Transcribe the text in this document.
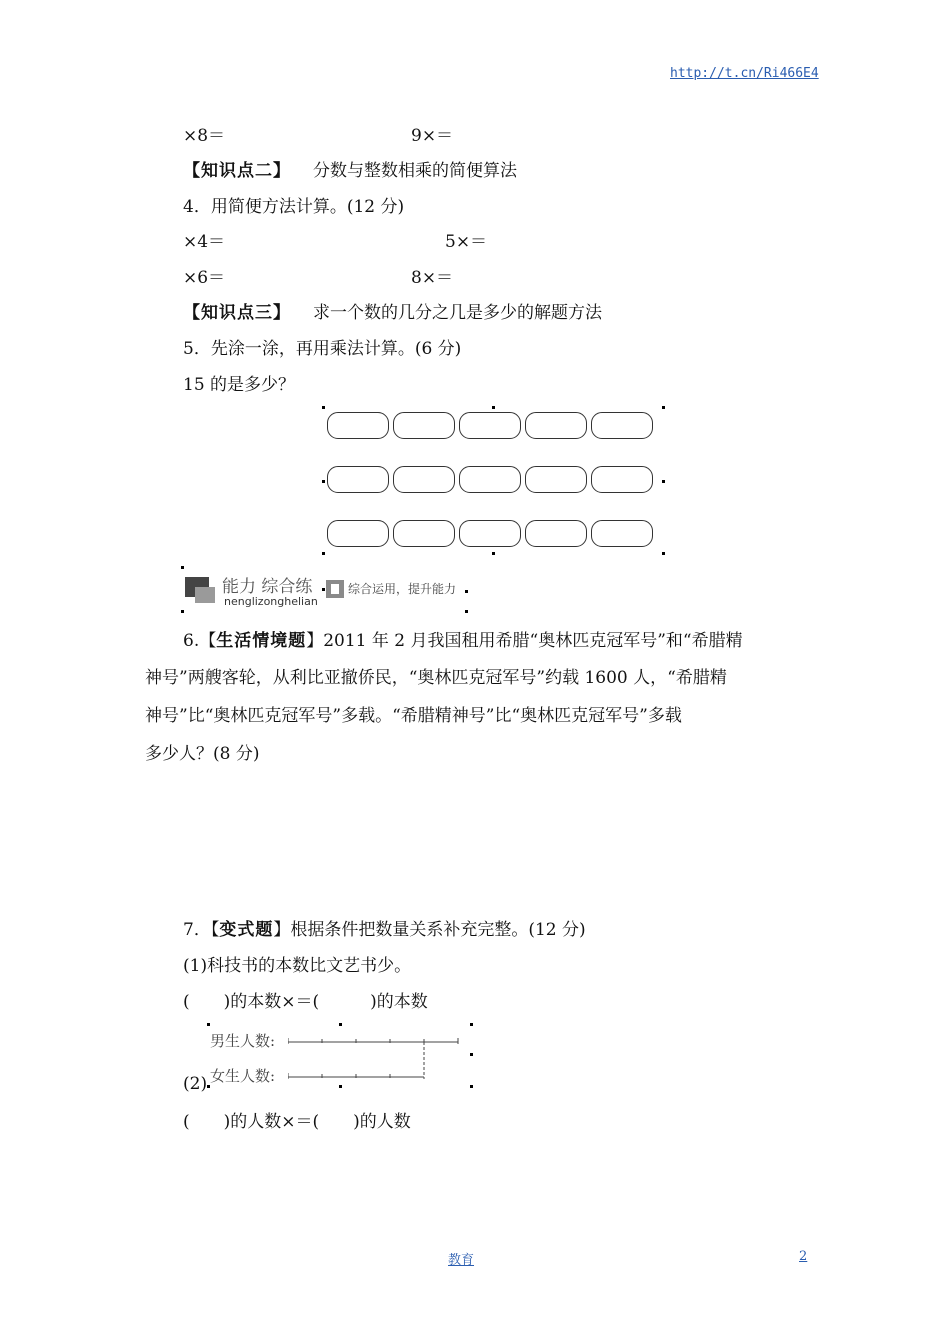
http://t.cn/Ri466E4
×8＝	9×＝
【知识点二】 分数与整数相乘的简便算法
4．用简便方法计算。(12 分)
×4＝	5×＝
×6＝	8×＝
【知识点三】 求一个数的几分之几是多少的解题方法
5．先涂一涂，再用乘法计算。(6 分)
15 的是多少？
能力 综合练
nenglizonghelian
综合运用，提升能力
6.【生活情境题】2011 年 2 月我国租用希腊“奥林匹克冠军号”和“希腊精
神号”两艘客轮，从利比亚撤侨民，“奥林匹克冠军号”约载 1600 人，“希腊精
神号”比“奥林匹克冠军号”多载。“希腊精神号”比“奥林匹克冠军号”多载
多少人？(8 分)
7．【变式题】根据条件把数量关系补充完整。(12 分)
(1)科技书的本数比文艺书少。
(　　)的本数×＝(　　　)的本数
男生人数:
女生人数:
(2)
(　　)的人数×＝(　　)的人数
教育	2
